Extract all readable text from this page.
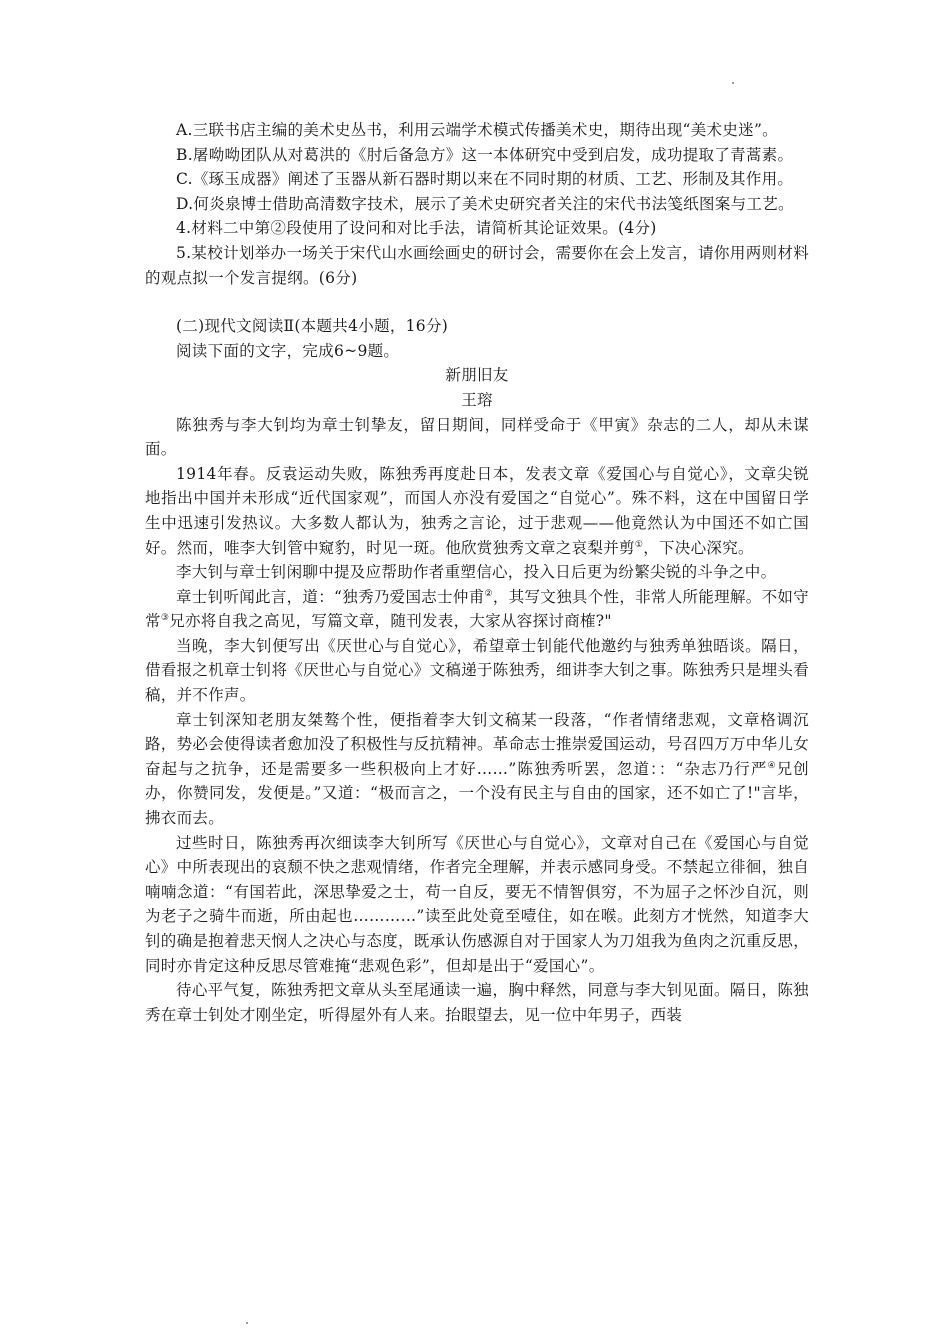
A.三联书店主编的美术史丛书，利用云端学术模式传播美术史，期待出现“美术史迷”。

B.屠呦呦团队从对葛洪的《肘后备急方》这一本体研究中受到启发，成功提取了青蒿素。

C.《琢玉成器》阐述了玉器从新石器时期以来在不同时期的材质、工艺、形制及其作用。

D.何炎泉博士借助高清数字技术，展示了美术史研究者关注的宋代书法笺纸图案与工艺。

4.材料二中第②段使用了设问和对比手法，请简析其论证效果。(4分)

5.某校计划举办一场关于宋代山水画绘画史的研讨会，需要你在会上发言，请你用两则材料的观点拟一个发言提纲。(6分)

(二)现代文阅读Ⅱ(本题共4小题，16分)

阅读下面的文字，完成6~9题。

新朋旧友

王瑢

陈独秀与李大钊均为章士钊挚友，留日期间，同样受命于《甲寅》杂志的二人，却从未谋面。

1914年春。反袁运动失败，陈独秀再度赴日本，发表文章《爱国心与自觉心》，文章尖锐地指出中国并未形成“近代国家观”，而国人亦没有爱国之“自觉心”。殊不料，这在中国留日学生中迅速引发热议。大多数人都认为，独秀之言论，过于悲观——他竟然认为中国还不如亡国好。然而，唯李大钊管中窥豹，时见一斑。他欣赏独秀文章之哀梨并剪①，下决心深究。

李大钊与章士钊闲聊中提及应帮助作者重塑信心，投入日后更为纷繁尖锐的斗争之中。

章士钊听闻此言，道：“独秀乃爱国志士仲甫②，其写文独具个性，非常人所能理解。不如守常③兄亦将自我之高见，写篇文章，随刊发表，大家从容探讨商榷?"

当晚，李大钊便写出《厌世心与自觉心》，希望章士钊能代他邀约与独秀单独晤谈。隔日，借看报之机章士钊将《厌世心与自觉心》文稿递于陈独秀，细讲李大钊之事。陈独秀只是埋头看稿，并不作声。

章士钊深知老朋友桀骜个性，便指着李大钊文稿某一段落，“作者情绪悲观，文章格调沉路，势必会使得读者愈加没了积极性与反抗精神。革命志士推崇爱国运动，号召四万万中华儿女奋起与之抗争，还是需要多一些积极向上才好……”陈独秀听罢，忽道：：“杂志乃行严④兄创办，你赞同发，发便是。”又道：“极而言之，一个没有民主与自由的国家，还不如亡了!"言毕，拂衣而去。

过些时日，陈独秀再次细读李大钊所写《厌世心与自觉心》，文章对自己在《爱国心与自觉心》中所表现出的哀颓不快之悲观情绪，作者完全理解，并表示感同身受。不禁起立徘徊，独自喃喃念道：“有国若此，深思挚爱之士，苟一自反，要无不情智俱穷，不为屈子之怀沙自沉，则为老子之骑牛而逝，所由起也…………”读至此处竟至噎住，如在喉。此刻方才恍然，知道李大钊的确是抱着悲天悯人之决心与态度，既承认伤感源自对于国家人为刀俎我为鱼肉之沉重反思，同时亦肯定这种反思尽管难掩“悲观色彩”，但却是出于“爱国心”。

待心平气复，陈独秀把文章从头至尾通读一遍，胸中释然，同意与李大钊见面。隔日，陈独秀在章士钊处才刚坐定，听得屋外有人来。抬眼望去，见一位中年男子，西装
